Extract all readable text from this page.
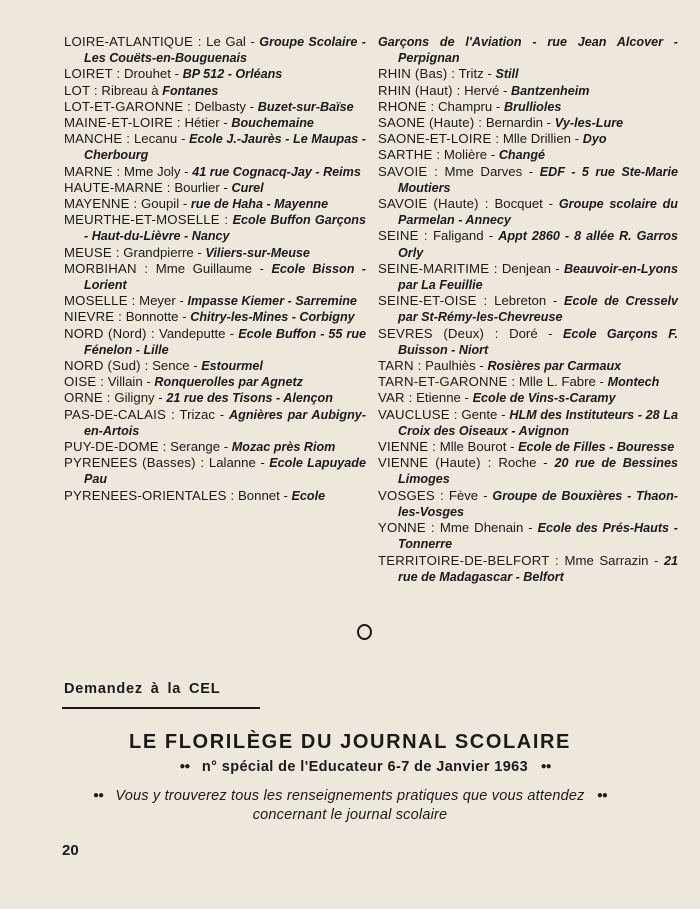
LOIRE-ATLANTIQUE : Le Gal - Groupe Scolaire - Les Couëts-en-Bouguenais
LOIRET : Drouhet - BP 512 - Orléans
LOT : Ribreau à Fontanes
LOT-ET-GARONNE : Delbasty - Buzet-sur-Baïse
MAINE-ET-LOIRE : Hétier - Bouchemaine
MANCHE : Lecanu - Ecole J.-Jaurès - Le Maupas - Cherbourg
MARNE : Mme Joly - 41 rue Cognacq-Jay - Reims
HAUTE-MARNE : Bourlier - Curel
MAYENNE : Goupil - rue de Haha - Mayenne
MEURTHE-ET-MOSELLE : Ecole Buffon Garçons - Haut-du-Lièvre - Nancy
MEUSE : Grandpierre - Viliers-sur-Meuse
MORBIHAN : Mme Guillaume - Ecole Bisson - Lorient
MOSELLE : Meyer - Impasse Kiemer - Sarremine
NIEVRE : Bonnotte - Chitry-les-Mines - Corbigny
NORD (Nord) : Vandeputte - Ecole Buffon - 55 rue Fénelon - Lille
NORD (Sud) : Sence - Estourmel
OISE : Villain - Ronquerolles par Agnetz
ORNE : Giligny - 21 rue des Tisons - Alençon
PAS-DE-CALAIS : Trizac - Agnières par Aubigny-en-Artois
PUY-DE-DOME : Serange - Mozac près Riom
PYRENEES (Basses) : Lalanne - Ecole Lapuyade Pau
PYRENEES-ORIENTALES : Bonnet - Ecole
Garçons de l'Aviation - rue Jean Alcover - Perpignan
RHIN (Bas) : Tritz - Still
RHIN (Haut) : Hervé - Bantzenheim
RHONE : Champru - Brullioles
SAONE (Haute) : Bernardin - Vy-les-Lure
SAONE-ET-LOIRE : Mlle Drillien - Dyo
SARTHE : Molière - Changé
SAVOIE : Mme Darves - EDF - 5 rue Ste-Marie Moutiers
SAVOIE (Haute) : Bocquet - Groupe scolaire du Parmelan - Annecy
SEINE : Faligand - Appt 2860 - 8 allée R. Garros Orly
SEINE-MARITIME : Denjean - Beauvoir-en-Lyons par La Feuillie
SEINE-ET-OISE : Lebreton - Ecole de Cresselv par St-Rémy-les-Chevreuse
SEVRES (Deux) : Doré - Ecole Garçons F. Buisson - Niort
TARN : Paulhiès - Rosières par Carmaux
TARN-ET-GARONNE : Mlle L. Fabre - Montech
VAR : Etienne - Ecole de Vins-s-Caramy
VAUCLUSE : Gente - HLM des Instituteurs - 28 La Croix des Oiseaux - Avignon
VIENNE : Mlle Bourot - Ecole de Filles - Bouresse
VIENNE (Haute) : Roche - 20 rue de Bessines Limoges
VOSGES : Fève - Groupe de Bouxières - Thaon-les-Vosges
YONNE : Mme Dhenain - Ecole des Prés-Hauts - Tonnerre
TERRITOIRE-DE-BELFORT : Mme Sarrazin - 21 rue de Madagascar - Belfort
Demandez à la CEL
LE FLORILÈGE DU JOURNAL SCOLAIRE
●● n° spécial de l'Educateur 6-7 de Janvier 1963 ●●
●● Vous y trouverez tous les renseignements pratiques que vous attendez ●●
concernant le journal scolaire
20
